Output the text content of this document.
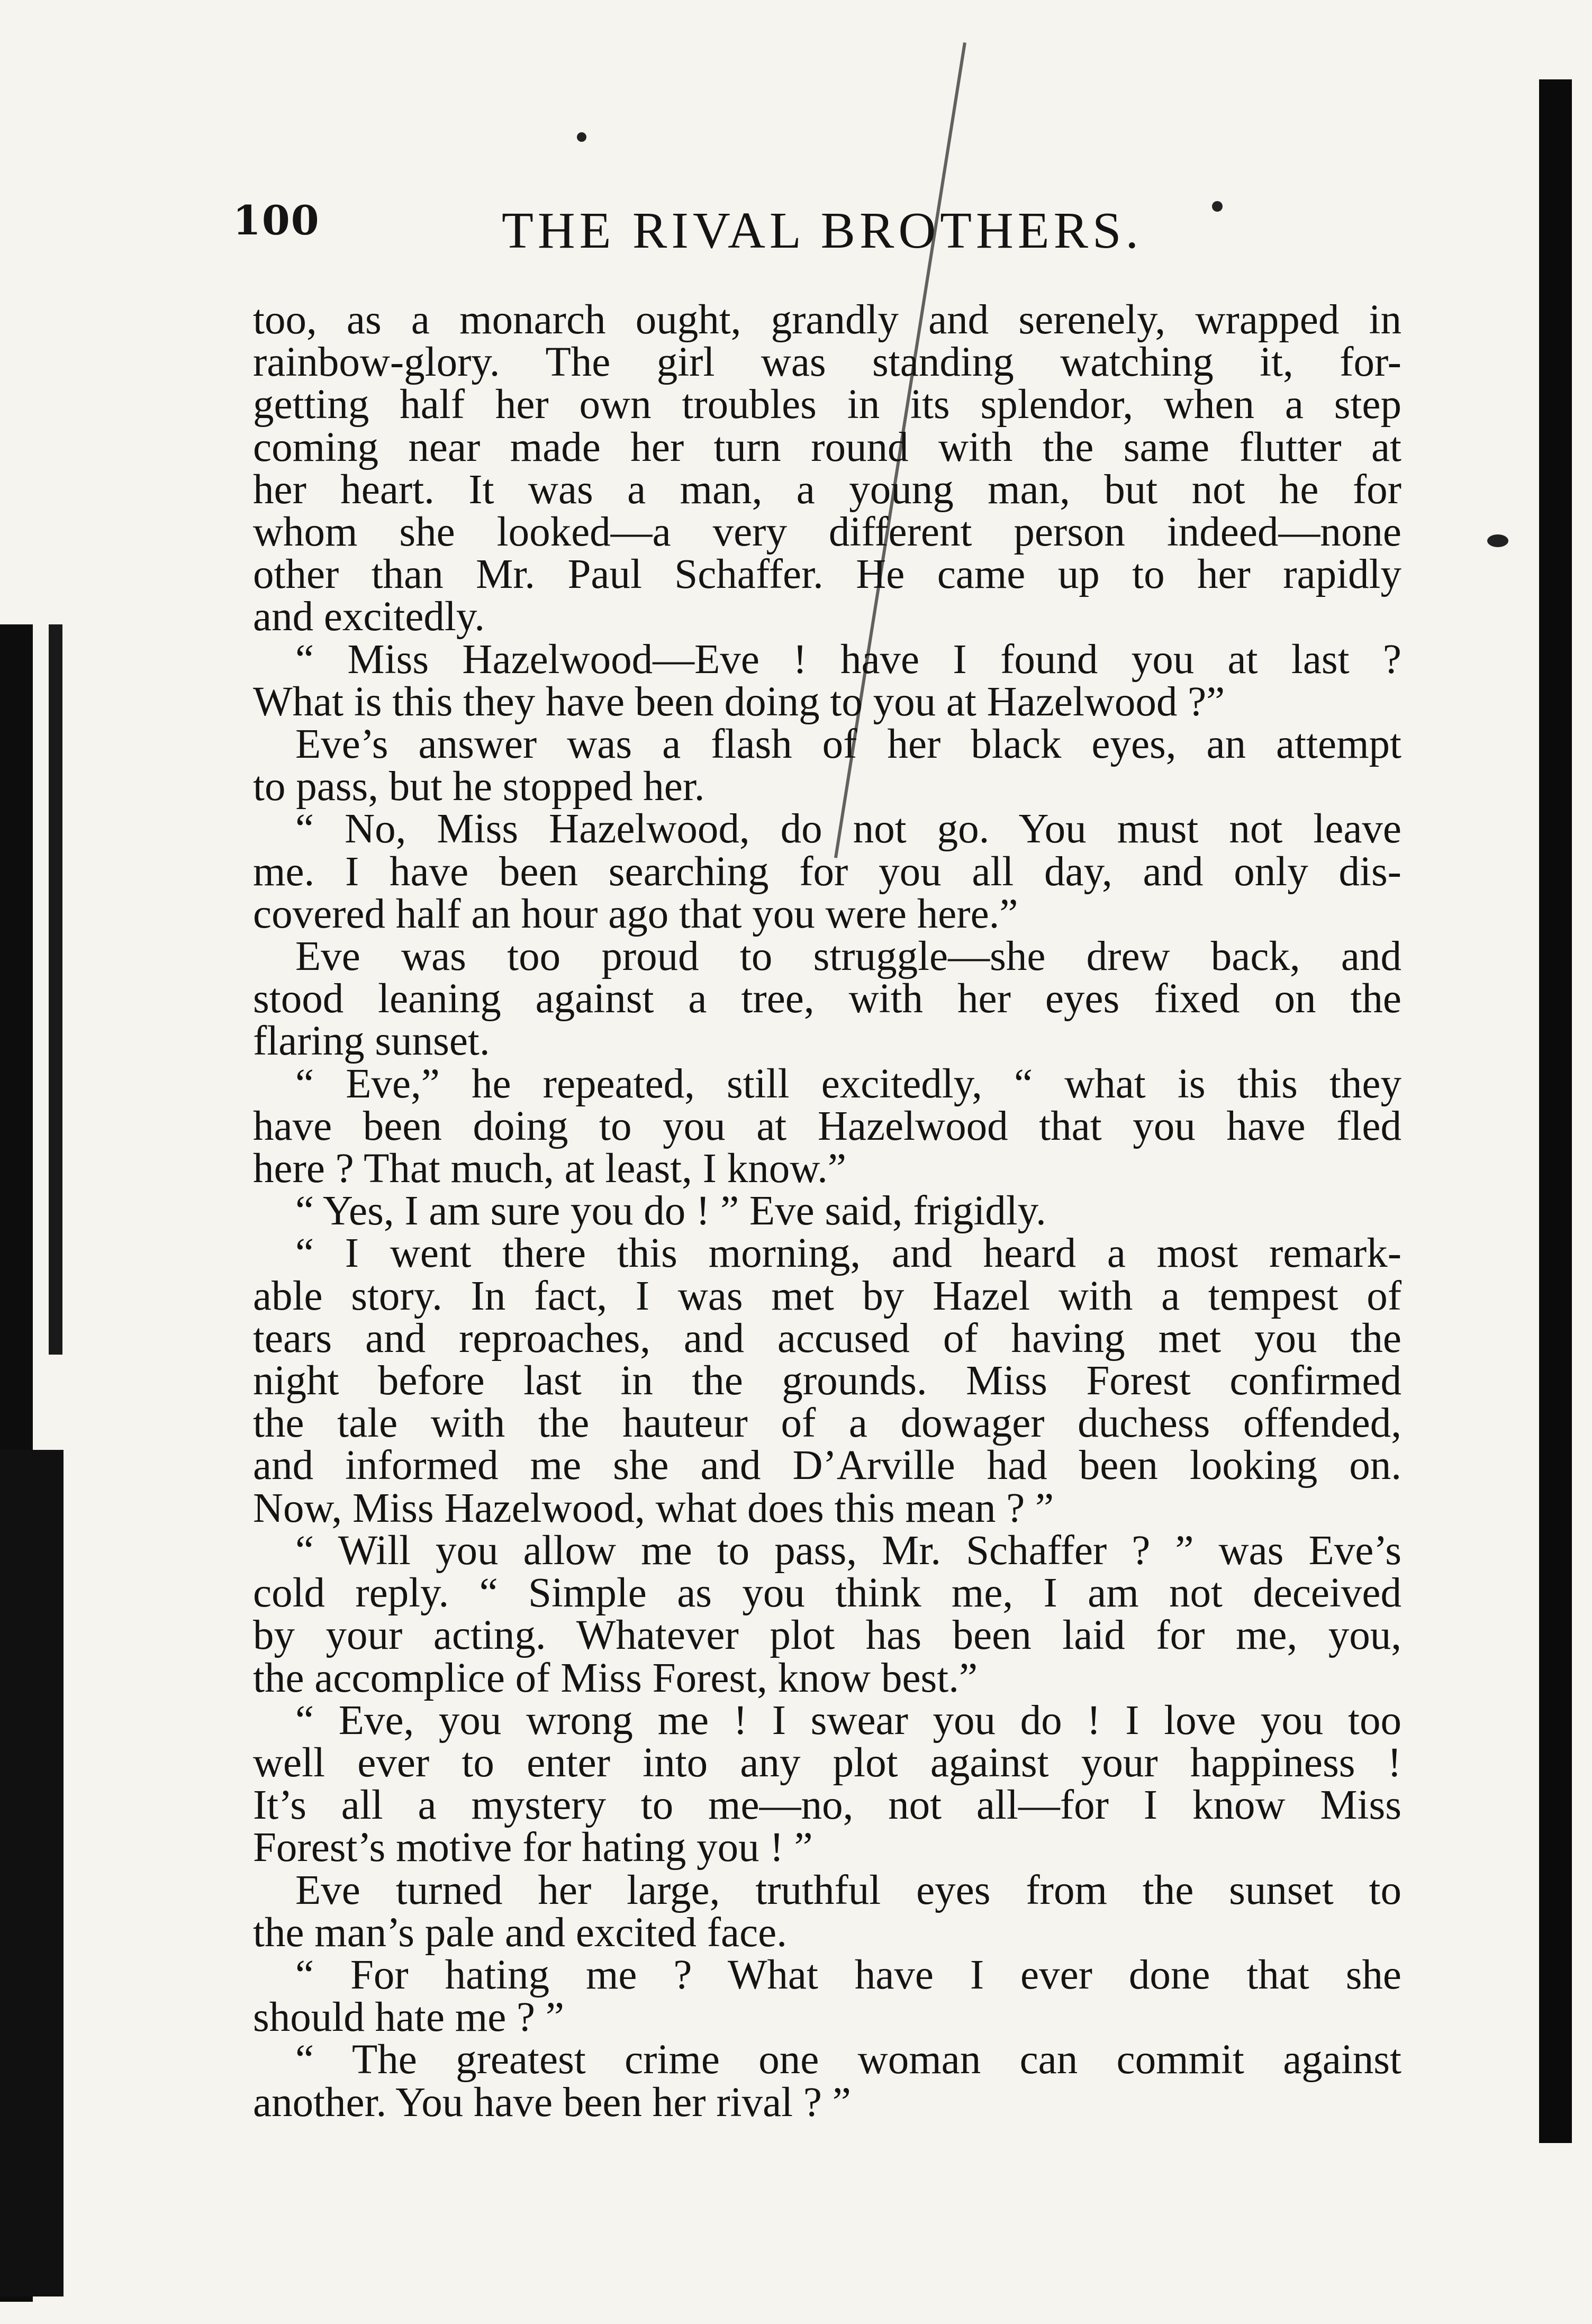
100	THE RIVAL BROTHERS.
too, as a monarch ought, grandly and serenely, wrapped in
rainbow-glory. The girl was standing watching it, for-
getting half her own troubles in its splendor, when a step
coming near made her turn round with the same flutter at
her heart. It was a man, a young man, but not he for
whom she looked—a very different person indeed—none
other than Mr. Paul Schaffer. He came up to her rapidly
and excitedly.
“ Miss Hazelwood—Eve ! have I found you at last ?
What is this they have been doing to you at Hazelwood ?”
Eve’s answer was a flash of her black eyes, an attempt
to pass, but he stopped her.
“ No, Miss Hazelwood, do not go. You must not leave
me. I have been searching for you all day, and only dis-
covered half an hour ago that you were here.”
Eve was too proud to struggle—she drew back, and
stood leaning against a tree, with her eyes fixed on the
flaring sunset.
“ Eve,” he repeated, still excitedly, “ what is this they
have been doing to you at Hazelwood that you have fled
here ? That much, at least, I know.”
“ Yes, I am sure you do ! ” Eve said, frigidly.
“ I went there this morning, and heard a most remark-
able story. In fact, I was met by Hazel with a tempest of
tears and reproaches, and accused of having met you the
night before last in the grounds. Miss Forest confirmed
the tale with the hauteur of a dowager duchess offended,
and informed me she and D’Arville had been looking on.
Now, Miss Hazelwood, what does this mean ? ”
“ Will you allow me to pass, Mr. Schaffer ? ” was Eve’s
cold reply. “ Simple as you think me, I am not deceived
by your acting. Whatever plot has been laid for me, you,
the accomplice of Miss Forest, know best.”
“ Eve, you wrong me ! I swear you do ! I love you too
well ever to enter into any plot against your happiness !
It’s all a mystery to me—no, not all—for I know Miss
Forest’s motive for hating you ! ”
Eve turned her large, truthful eyes from the sunset to
the man’s pale and excited face.
“ For hating me ? What have I ever done that she
should hate me ? ”
“ The greatest crime one woman can commit against
another. You have been her rival ? ”
